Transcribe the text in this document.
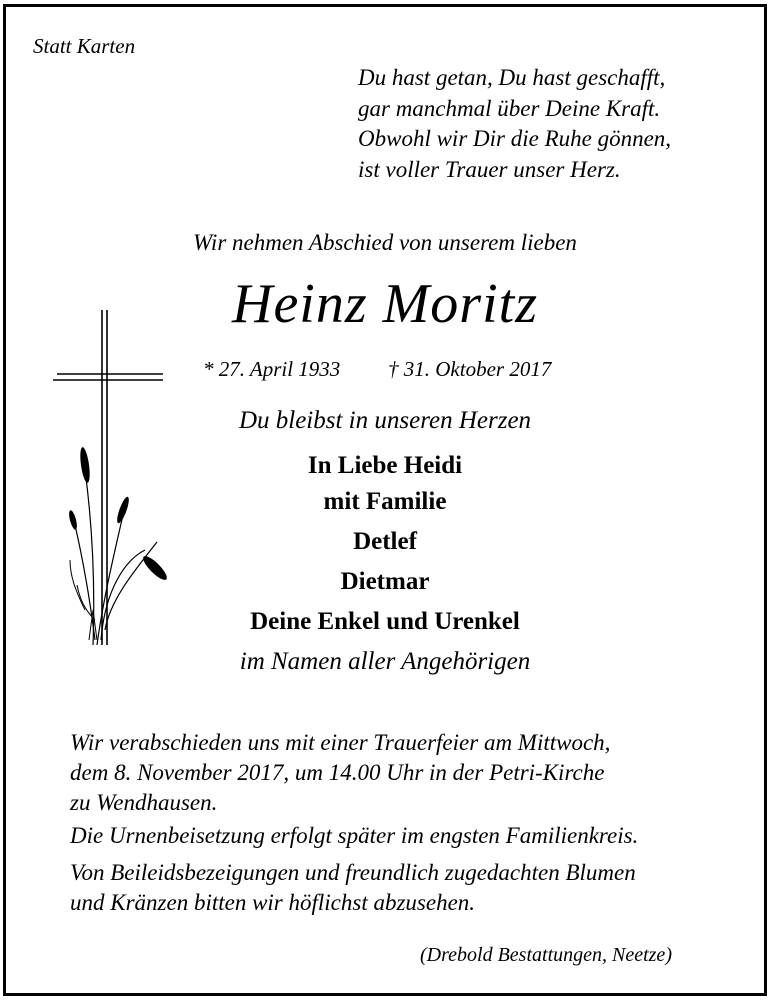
Statt Karten
Du hast getan, Du hast geschafft,
gar manchmal über Deine Kraft.
Obwohl wir Dir die Ruhe gönnen,
ist voller Trauer unser Herz.
Wir nehmen Abschied von unserem lieben
Heinz Moritz
* 27. April 1933 † 31. Oktober 2017
Du bleibst in unseren Herzen
In Liebe Heidi
mit Familie
Detlef
Dietmar
Deine Enkel und Urenkel
im Namen aller Angehörigen
Wir verabschieden uns mit einer Trauerfeier am Mittwoch,
dem 8. November 2017, um 14.00 Uhr in der Petri-Kirche
zu Wendhausen.
Die Urnenbeisetzung erfolgt später im engsten Familienkreis.
Von Beileidsbezeigungen und freundlich zugedachten Blumen
und Kränzen bitten wir höflichst abzusehen.
(Drebold Bestattungen, Neetze)
